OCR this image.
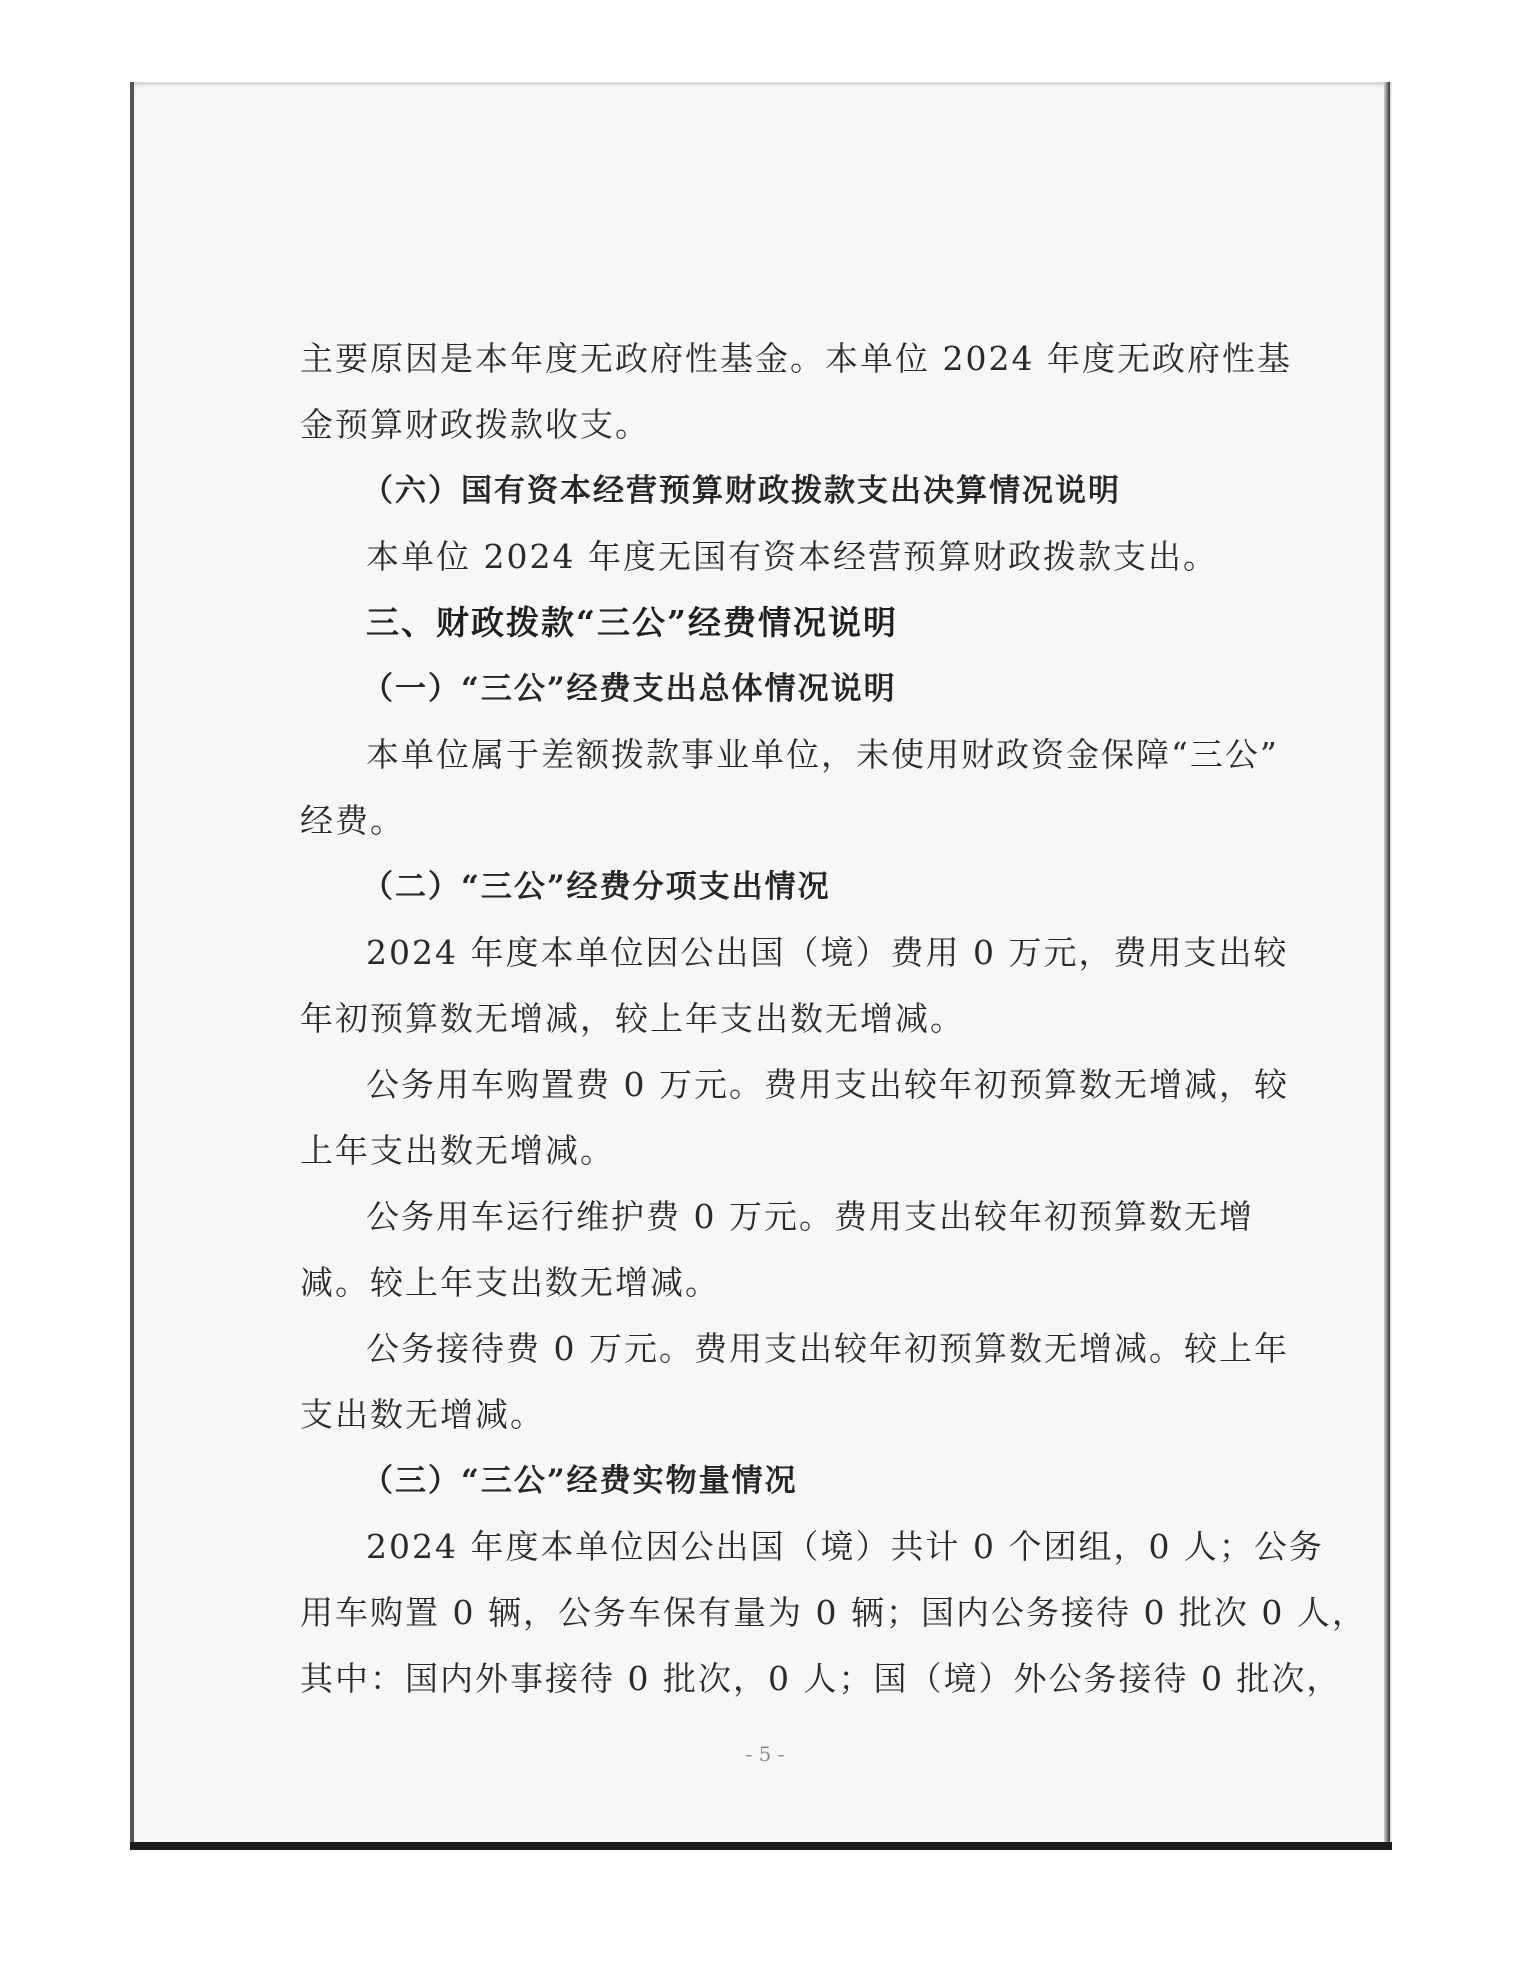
主要原因是本年度无政府性基金。本单位 2024 年度无政府性基
金预算财政拨款收支。
（六）国有资本经营预算财政拨款支出决算情况说明
本单位 2024 年度无国有资本经营预算财政拨款支出。
三、财政拨款“三公”经费情况说明
（一）“三公”经费支出总体情况说明
本单位属于差额拨款事业单位，未使用财政资金保障“三公”
经费。
（二）“三公”经费分项支出情况
2024 年度本单位因公出国（境）费用 0 万元，费用支出较
年初预算数无增减，较上年支出数无增减。
公务用车购置费 0 万元。费用支出较年初预算数无增减，较
上年支出数无增减。
公务用车运行维护费 0 万元。费用支出较年初预算数无增
减。较上年支出数无增减。
公务接待费 0 万元。费用支出较年初预算数无增减。较上年
支出数无增减。
（三）“三公”经费实物量情况
2024 年度本单位因公出国（境）共计 0 个团组，0 人；公务
用车购置 0 辆，公务车保有量为 0 辆；国内公务接待 0 批次 0 人，
其中：国内外事接待 0 批次，0 人；国（境）外公务接待 0 批次，
- 5 -
